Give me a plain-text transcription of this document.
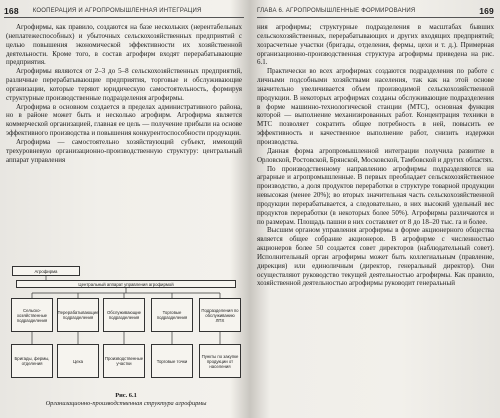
168 КООПЕРАЦИЯ И АГРОПРОМЫШЛЕННАЯ ИНТЕГРАЦИЯ

Агрофирмы, как правило, создаются на базе нескольких (нерентабельных (неплатежеспособных) и убыточных сельскохозяйственных предприятий с целью повышения экономической эффективности их хозяйственной деятельности. Кроме того, в состав агрофирм входят перерабатывающие предприятия.

Агрофирмы являются от 2–3 до 5–8 сельскохозяйственных предприятий, различные перерабатывающие предприятия, торговые и обслуживающие организации, которые теряют юридическую самостоятельность, формируя структурные производственные подразделения агрофирмы.

Агрофирма в основном создается в пределах административного района, но в районе может быть и несколько агрофирм. Агрофирма является коммерческой организацией, главная ее цель — получение прибыли на основе эффективного производства и повышения конкурентоспособности продукции.

Агрофирма — самостоятельно хозяйствующий субъект, имеющий трехуровневую организационно-производственную структуру: центральный аппарат управления

Агрофирма
Центральный аппарат управления агрофирмой
Сельско-хозяйственные подразделения
Перерабатывающие подразделения
Обслуживающие подразделения
Торговые подразделения
Подразделения по обслуживанию ЛПХ
Бригады, фермы, отделения	Цеха	Производственные участки	Торговые точки
Пункты по закупке продукции от населения
Рис. 6.1
Организационно-производственная структура агрофирмы
ГЛАВА 6. АГРОПРОМЫШЛЕННЫЕ ФОРМИРОВАНИЯ	169

ния агрофирмы; структурные подразделения в масштабах бывших сельскохозяйственных, перерабатывающих и других входящих предприятий; хозрасчетные участки (бригады, отделения, фермы, цехи и т. д.). Примерная организационно-производственная структура агрофирмы приведена на рис. 6.1.

Практически во всех агрофирмах создаются подразделения по работе с личными подсобными хозяйствами населения, так как на этой основе значительно увеличивается объем производимой сельскохозяйственной продукции. В некоторых агрофирмах созданы обслуживающие подразделения в форме машинно-технологической станции (МТС), основная функция которой — выполнение механизированных работ. Концентрация техники в МТС позволяет сократить общее потребность в ней, повысить ее эффективность и качественное выполнение работ, снизить издержки производства.

Данная форма агропромышленной интеграции получила развитие в Орловской, Ростовской, Брянской, Московской, Тамбовской и других областях.

По производственному направлению агрофирмы подразделяются на аграрные и агропромышленные. В первых преобладает сельскохозяйственное производство, а доля продуктов переработки в структуре товарной продукции невысокая (менее 20%); во вторых значительная часть сельскохозяйственной продукции перерабатывается, а следовательно, в них высокий удельный вес продуктов переработки (в некоторых более 50%). Агрофирмы различаются и по размерам. Площадь пашни в них составляет от 8 до 18–20 тыс. га и более.

Высшим органом управления агрофирмы в форме акционерного общества является общее собрание акционеров. В агрофирме с численностью акционеров более 50 создается совет директоров (наблюдательный совет). Исполнительный орган агрофирмы может быть коллегиальным (правление, дирекция) или единоличным (директор, генеральный директор). Они осуществляют руководство текущей деятельностью агрофирмы. Как правило, хозяйственной деятельностью агрофирмы руководит генеральный
